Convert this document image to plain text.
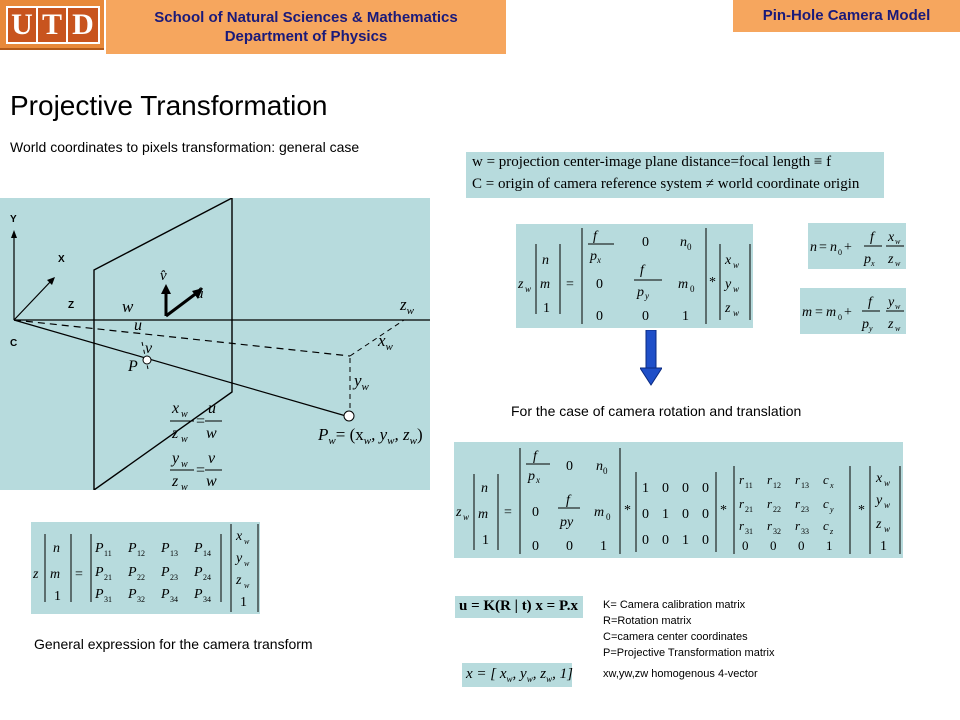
U T D	School of Natural Sciences & Mathematics
Department of Physics
Pin-Hole Camera Model
Projective Transformation
World coordinates to pixels transformation: general case
w = projection center-image plane distance=focal length ≡ f
C = origin of camera reference system ≠ world coordinate origin
Y
X
Z
C
v̂
û
w
u
v
P
$z_w$
$x_w$
$y_w$
$P_w= (x_w$, $y_w$, $z_w$)
x w
z w
=
u
w
y w
z w
=
v
w
z w
n
m
1
=
f
p x
0 n 0
0
f
p y
m 0
0	0 1
*
x w
y w
z w
n = n 0 +
f
p x
x w
z w
m = m 0 +
f
p y
y w
z w
For the case of camera rotation and translation
z w
n
m
1
=
f
p x
0 n 0
0
f
py
m 0
0 0 1
*
1 0 0 0
0 1 0 0
0 0 1 0
*
r 11 r 12 r 13 c x
r 21 r 22 r 23 c y
r 31 r 32 r 33 c z
0 0 0 1
*
x w
y w
z w
1
z
n
m
1
=
P 11 P 12 P 13 P 14
P 21 P 22 P 23 P 24
P 31 P 32 P 34 P 34
x w
y w
z w
1
General expression for the camera transform
u = K(R | t) x = P.x
x = [ $x_w$, $y_w$, $z_w$, 1]
K= Camera calibration matrix
R=Rotation matrix
C=camera center coordinates
P=Projective Transformation matrix
xw,yw,zw homogenous 4-vector
